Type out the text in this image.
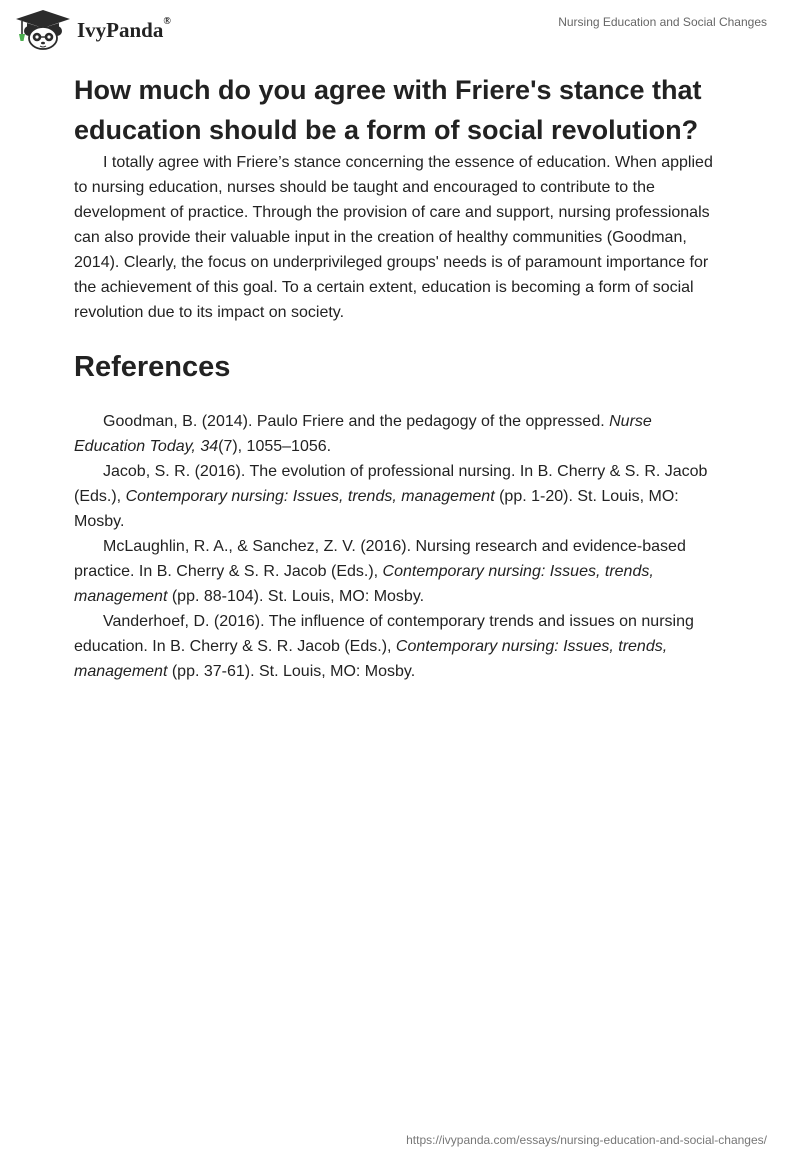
IvyPanda®	Nursing Education and Social Changes
How much do you agree with Friere's stance that education should be a form of social revolution?

I totally agree with Friere’s stance concerning the essence of education. When applied to nursing education, nurses should be taught and encouraged to contribute to the development of practice. Through the provision of care and support, nursing professionals can also provide their valuable input in the creation of healthy communities (Goodman, 2014). Clearly, the focus on underprivileged groups' needs is of paramount importance for the achievement of this goal. To a certain extent, education is becoming a form of social revolution due to its impact on society.

References

Goodman, B. (2014). Paulo Friere and the pedagogy of the oppressed. Nurse Education Today, 34(7), 1055–1056.

Jacob, S. R. (2016). The evolution of professional nursing. In B. Cherry & S. R. Jacob (Eds.), Contemporary nursing: Issues, trends, management (pp. 1-20). St. Louis, MO: Mosby.

McLaughlin, R. A., & Sanchez, Z. V. (2016). Nursing research and evidence-based practice. In B. Cherry & S. R. Jacob (Eds.), Contemporary nursing: Issues, trends, management (pp. 88-104). St. Louis, MO: Mosby.

Vanderhoef, D. (2016). The influence of contemporary trends and issues on nursing education. In B. Cherry & S. R. Jacob (Eds.), Contemporary nursing: Issues, trends, management (pp. 37-61). St. Louis, MO: Mosby.

https://ivypanda.com/essays/nursing-education-and-social-changes/
